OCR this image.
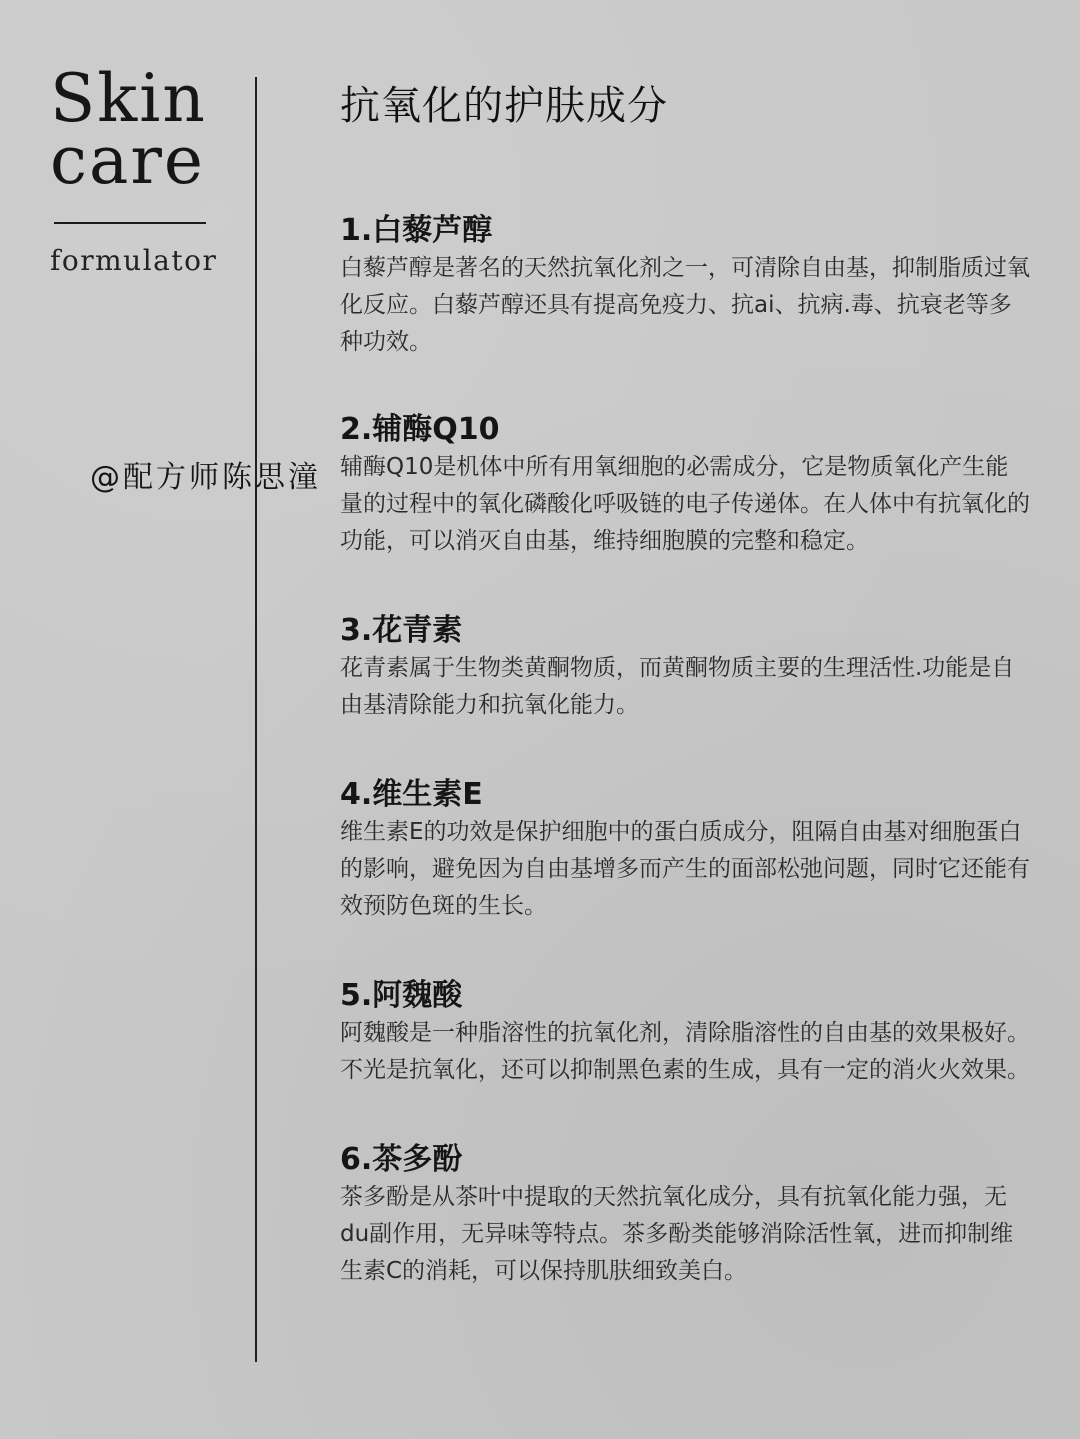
Skin
care
formulator
@配方师陈思潼
抗氧化的护肤成分
1.白藜芦醇
白藜芦醇是著名的天然抗氧化剂之一，可清除自由基，抑制脂质过氧化反应。白藜芦醇还具有提高免疫力、抗ai、抗病.毒、抗衰老等多种功效。
2.辅酶Q10
辅酶Q10是机体中所有用氧细胞的必需成分，它是物质氧化产生能量的过程中的氧化磷酸化呼吸链的电子传递体。在人体中有抗氧化的功能，可以消灭自由基，维持细胞膜的完整和稳定。
3.花青素
花青素属于生物类黄酮物质，而黄酮物质主要的生理活性.功能是自由基清除能力和抗氧化能力。
4.维生素E
维生素E的功效是保护细胞中的蛋白质成分，阻隔自由基对细胞蛋白的影响，避免因为自由基增多而产生的面部松弛问题，同时它还能有效预防色斑的生长。
5.阿魏酸
阿魏酸是一种脂溶性的抗氧化剂，清除脂溶性的自由基的效果极好。不光是抗氧化，还可以抑制黑色素的生成，具有一定的消火火效果。
6.茶多酚
茶多酚是从茶叶中提取的天然抗氧化成分，具有抗氧化能力强，无du副作用，无异味等特点。茶多酚类能够消除活性氧，进而抑制维生素C的消耗，可以保持肌肤细致美白。
